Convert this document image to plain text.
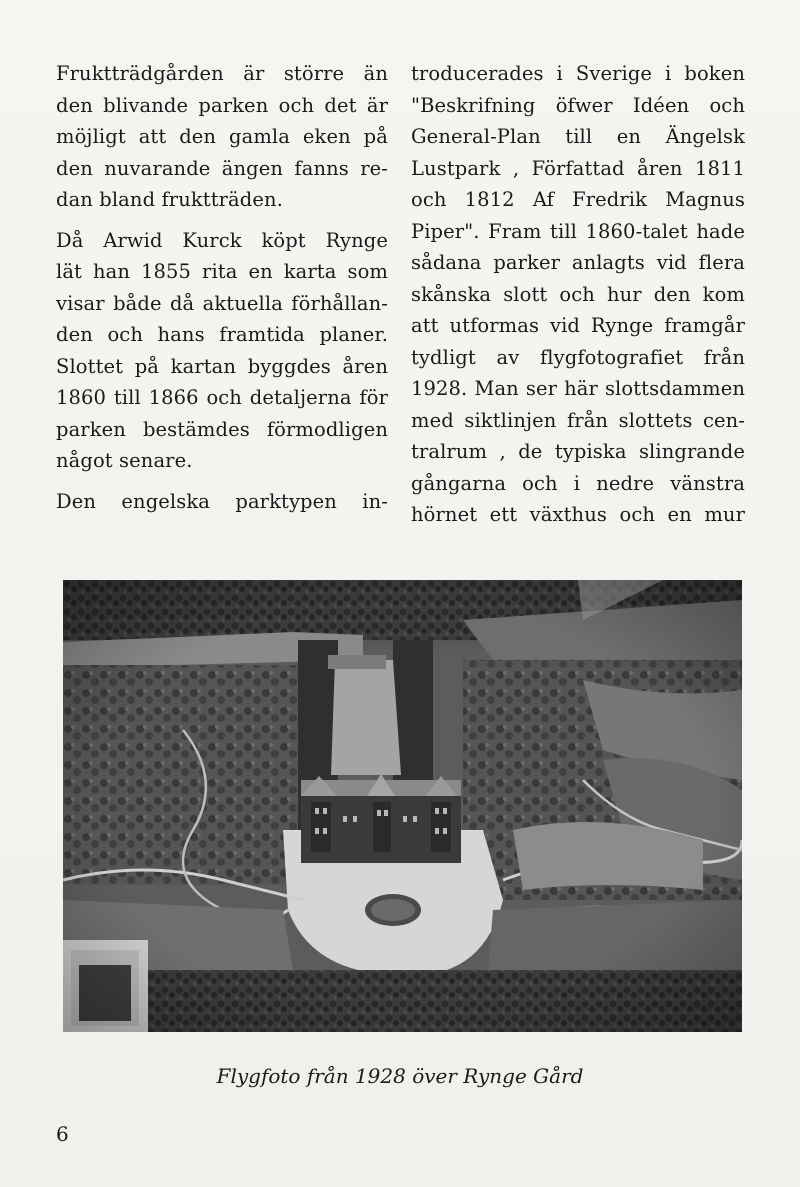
Fruktträdgården är större än
den blivande parken och det är
möjligt att den gamla eken på
den nuvarande ängen fanns re-
dan bland fruktträden.
Då Arwid Kurck köpt Rynge
lät han 1855 rita en karta som
visar både då aktuella förhållan-
den och hans framtida planer.
Slottet på kartan byggdes åren
1860 till 1866 och detaljerna för
parken bestämdes förmodligen
något senare.
Den engelska parktypen in-
troducerades i Sverige i boken
"Beskrifning öfwer Idéen och
General-Plan till en Ängelsk
Lustpark , Författad åren 1811
och 1812 Af Fredrik Magnus
Piper". Fram till 1860-talet hade
sådana parker anlagts vid flera
skånska slott och hur den kom
att utformas vid Rynge framgår
tydligt av flygfotografiet från
1928. Man ser här slottsdammen
med siktlinjen från slottets cen-
tralrum , de typiska slingrande
gångarna och i nedre vänstra
hörnet ett växthus och en mur
Flygfoto från 1928 över Rynge Gård
6
